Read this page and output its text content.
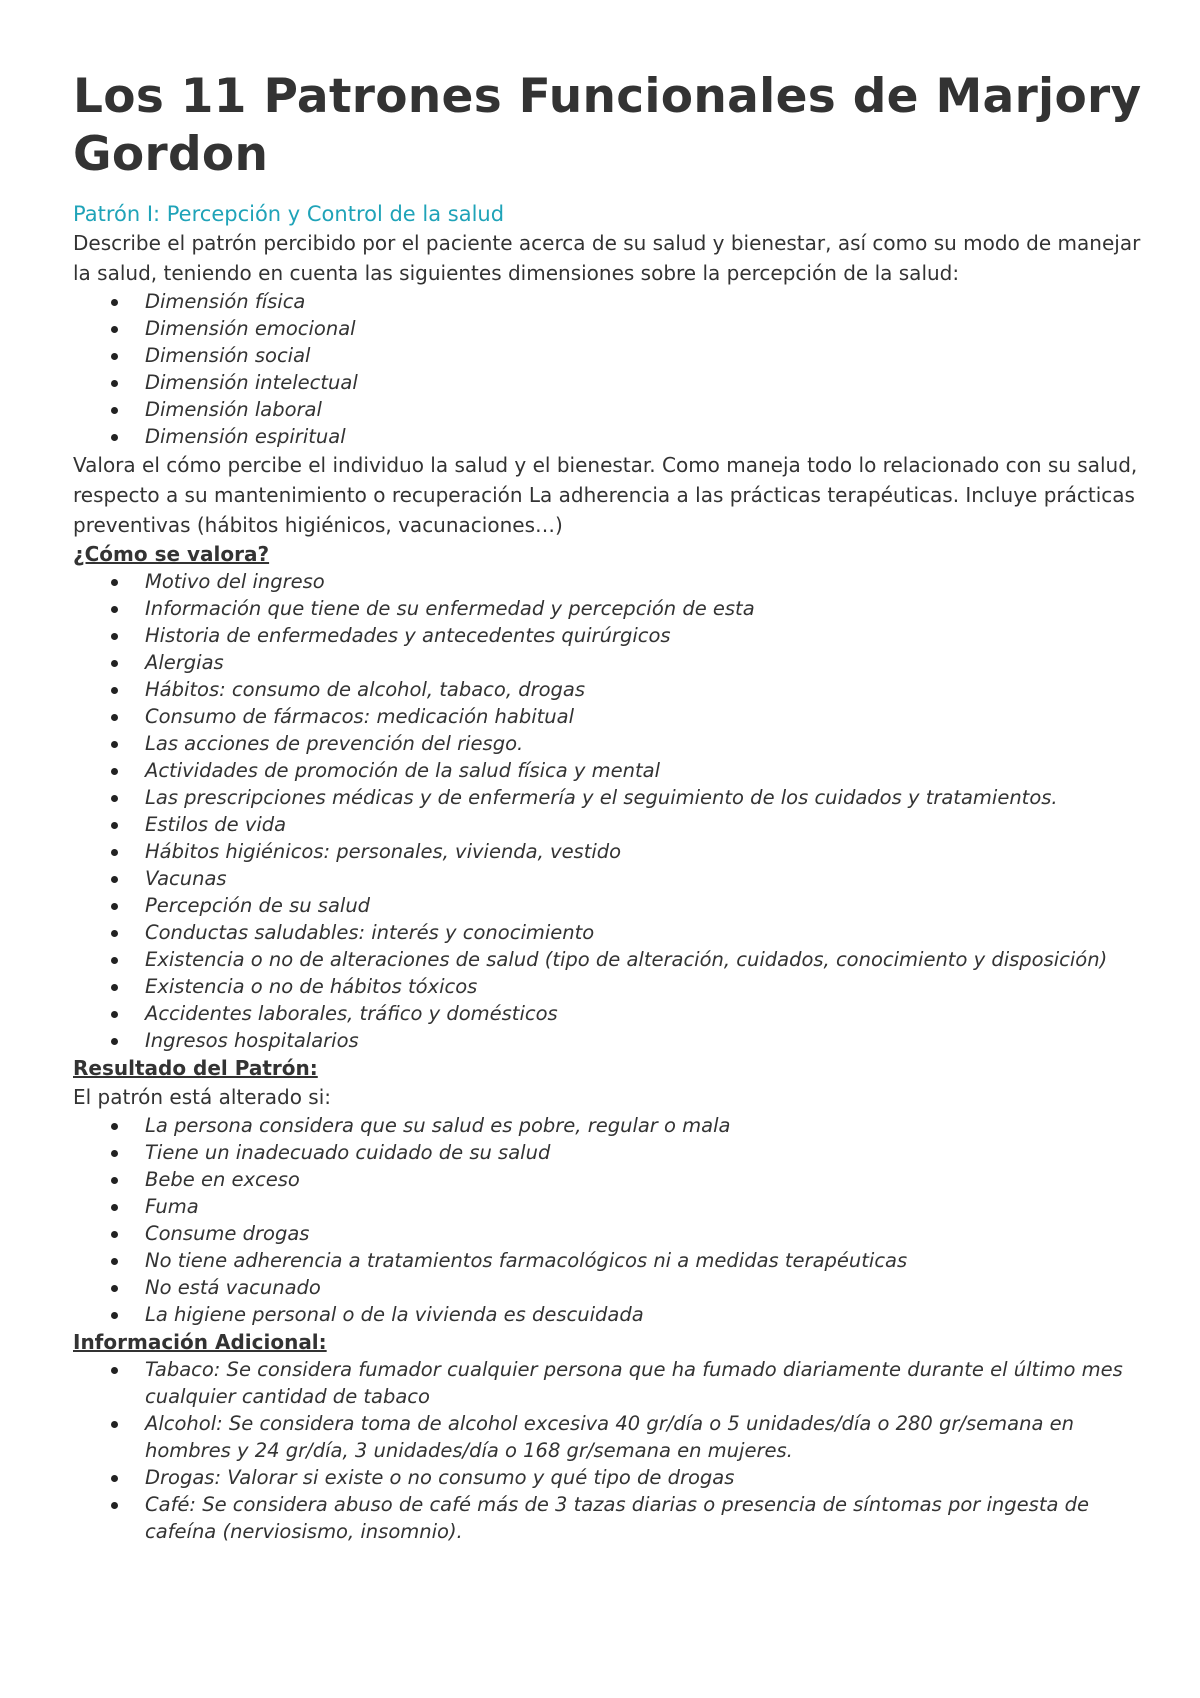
Los 11 Patrones Funcionales de Marjory Gordon
Patrón I: Percepción y Control de la salud

Describe el patrón percibido por el paciente acerca de su salud y bienestar, así como su modo de manejar la salud, teniendo en cuenta las siguientes dimensiones sobre la percepción de la salud:

Dimensión física
Dimensión emocional
Dimensión social
Dimensión intelectual
Dimensión laboral
Dimensión espiritual

Valora el cómo percibe el individuo la salud y el bienestar. Como maneja todo lo relacionado con su salud, respecto a su mantenimiento o recuperación La adherencia a las prácticas terapéuticas. Incluye prácticas preventivas (hábitos higiénicos, vacunaciones…)

¿Cómo se valora?
Motivo del ingreso
Información que tiene de su enfermedad y percepción de esta
Historia de enfermedades y antecedentes quirúrgicos
Alergias
Hábitos: consumo de alcohol, tabaco, drogas
Consumo de fármacos: medicación habitual
Las acciones de prevención del riesgo.
Actividades de promoción de la salud física y mental
Las prescripciones médicas y de enfermería y el seguimiento de los cuidados y tratamientos.
Estilos de vida
Hábitos higiénicos: personales, vivienda, vestido
Vacunas
Percepción de su salud
Conductas saludables: interés y conocimiento
Existencia o no de alteraciones de salud (tipo de alteración, cuidados, conocimiento y disposición)
Existencia o no de hábitos tóxicos
Accidentes laborales, tráfico y domésticos
Ingresos hospitalarios
Resultado del Patrón:

El patrón está alterado si:

La persona considera que su salud es pobre, regular o mala
Tiene un inadecuado cuidado de su salud
Bebe en exceso
Fuma
Consume drogas
No tiene adherencia a tratamientos farmacológicos ni a medidas terapéuticas
No está vacunado
La higiene personal o de la vivienda es descuidada
Información Adicional:
Tabaco: Se considera fumador cualquier persona que ha fumado diariamente durante el último mes cualquier cantidad de tabaco
Alcohol: Se considera toma de alcohol excesiva 40 gr/día o 5 unidades/día o 280 gr/semana en hombres y 24 gr/día, 3 unidades/día o 168 gr/semana en mujeres.
Drogas: Valorar si existe o no consumo y qué tipo de drogas
Café: Se considera abuso de café más de 3 tazas diarias o presencia de síntomas por ingesta de cafeína (nerviosismo, insomnio).
